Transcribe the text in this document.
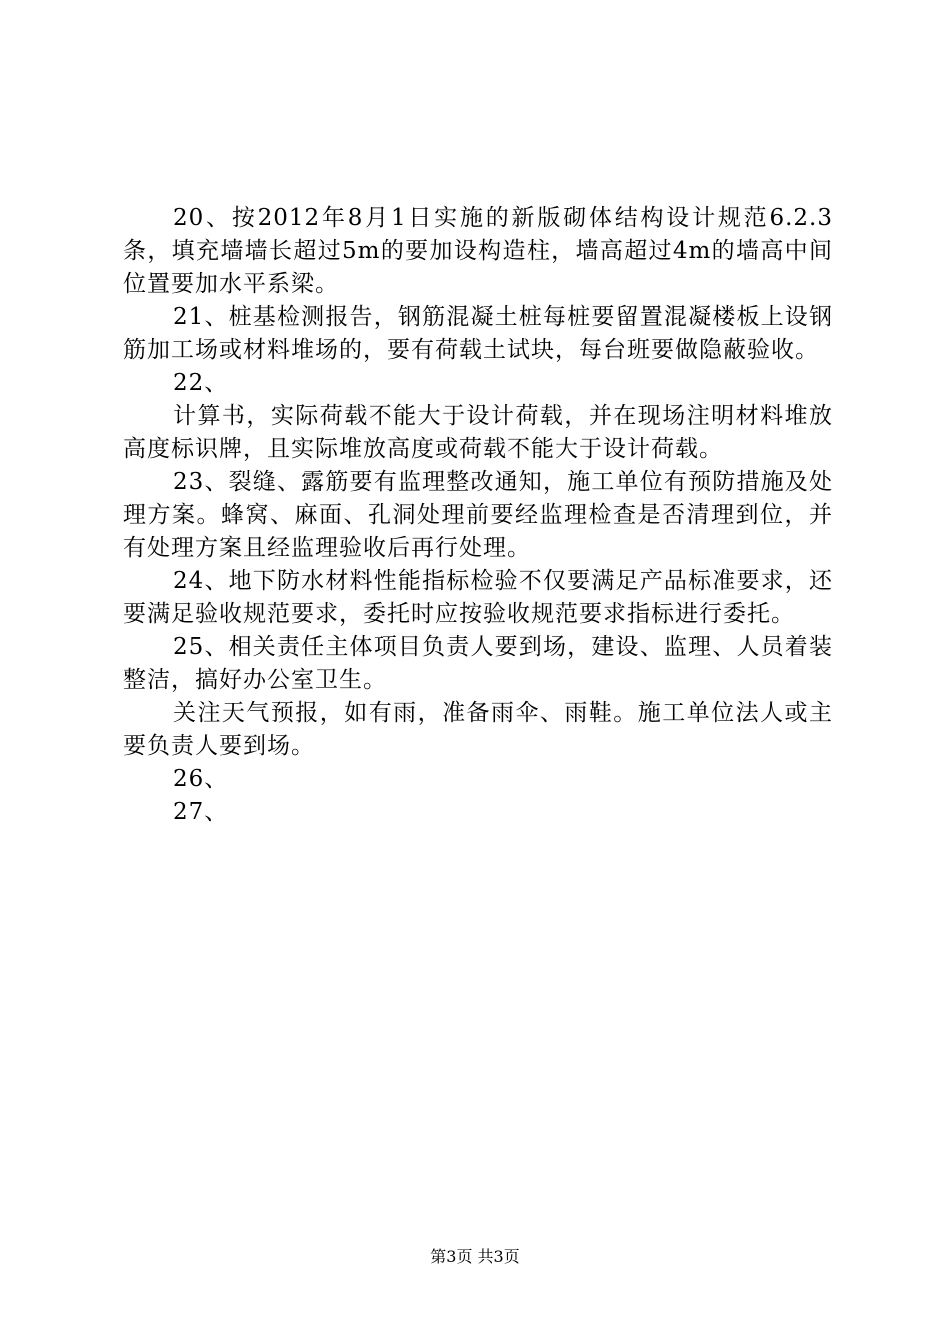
20、按2012年8月1日实施的新版砌体结构设计规范6.2.3条，填充墙墙长超过5m的要加设构造柱，墙高超过4m的墙高中间位置要加水平系梁。

21、桩基检测报告，钢筋混凝土桩每桩要留置混凝楼板上设钢筋加工场或材料堆场的，要有荷载土试块，每台班要做隐蔽验收。

22、

计算书，实际荷载不能大于设计荷载，并在现场注明材料堆放高度标识牌，且实际堆放高度或荷载不能大于设计荷载。

23、裂缝、露筋要有监理整改通知，施工单位有预防措施及处理方案。蜂窝、麻面、孔洞处理前要经监理检查是否清理到位，并有处理方案且经监理验收后再行处理。

24、地下防水材料性能指标检验不仅要满足产品标准要求，还要满足验收规范要求，委托时应按验收规范要求指标进行委托。

25、相关责任主体项目负责人要到场，建设、监理、人员着装整洁，搞好办公室卫生。

关注天气预报，如有雨，准备雨伞、雨鞋。施工单位法人或主要负责人要到场。

26、

27、

第3页 共3页
